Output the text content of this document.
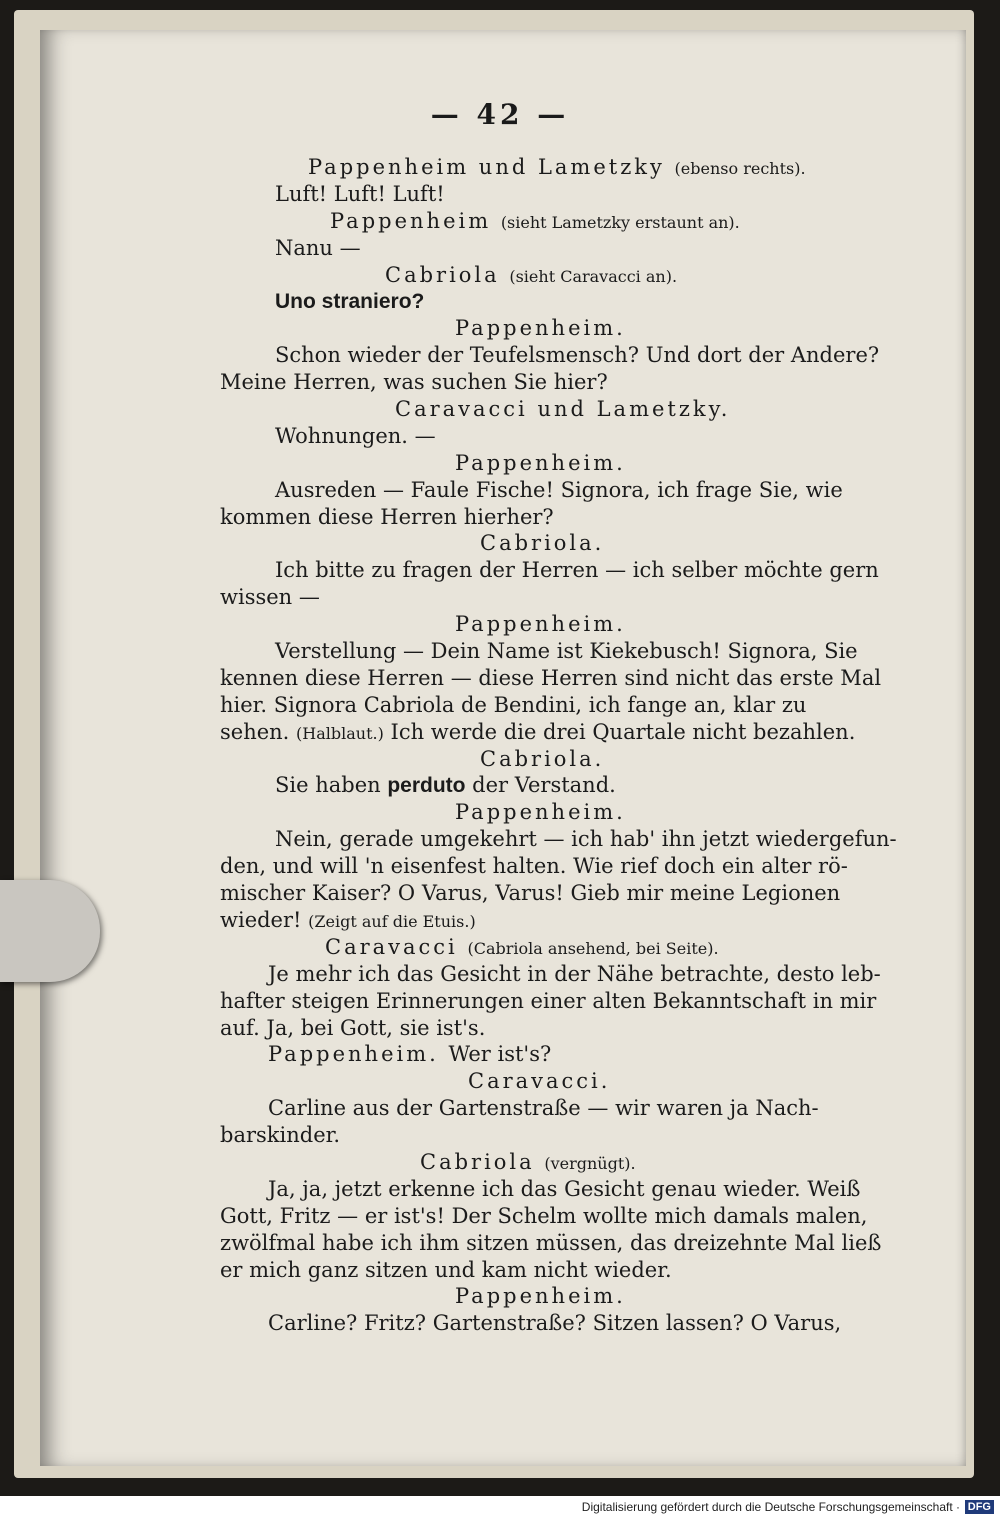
— 42 —
Pappenheim und Lametzky (ebenso rechts).
Luft! Luft! Luft!
Pappenheim (sieht Lametzky erstaunt an).
Nanu —
Cabriola (sieht Caravacci an).
Uno straniero?
Pappenheim.
Schon wieder der Teufelsmensch? Und dort der Andere?
Meine Herren, was suchen Sie hier?
Caravacci und Lametzky.
Wohnungen. —
Pappenheim.
Ausreden — Faule Fische! Signora, ich frage Sie, wie
kommen diese Herren hierher?
Cabriola.
Ich bitte zu fragen der Herren — ich selber möchte gern
wissen —
Pappenheim.
Verstellung — Dein Name ist Kiekebusch! Signora, Sie
kennen diese Herren — diese Herren sind nicht das erste Mal
hier. Signora Cabriola de Bendini, ich fange an, klar zu
sehen. (Halblaut.) Ich werde die drei Quartale nicht bezahlen.
Cabriola.
Sie haben perduto der Verstand.
Pappenheim.
Nein, gerade umgekehrt — ich hab' ihn jetzt wiedergefun-
den, und will 'n eisenfest halten. Wie rief doch ein alter rö-
mischer Kaiser? O Varus, Varus! Gieb mir meine Legionen
wieder! (Zeigt auf die Etuis.)
Caravacci (Cabriola ansehend, bei Seite).
Je mehr ich das Gesicht in der Nähe betrachte, desto leb-
hafter steigen Erinnerungen einer alten Bekanntschaft in mir
auf. Ja, bei Gott, sie ist's.
Pappenheim. Wer ist's?
Caravacci.
Carline aus der Gartenstraße — wir waren ja Nach-
barskinder.
Cabriola (vergnügt).
Ja, ja, jetzt erkenne ich das Gesicht genau wieder. Weiß
Gott, Fritz — er ist's! Der Schelm wollte mich damals malen,
zwölfmal habe ich ihm sitzen müssen, das dreizehnte Mal ließ
er mich ganz sitzen und kam nicht wieder.
Pappenheim.
Carline? Fritz? Gartenstraße? Sitzen lassen? O Varus,
Digitalisierung gefördert durch die Deutsche Forschungsgemeinschaft · DFG
